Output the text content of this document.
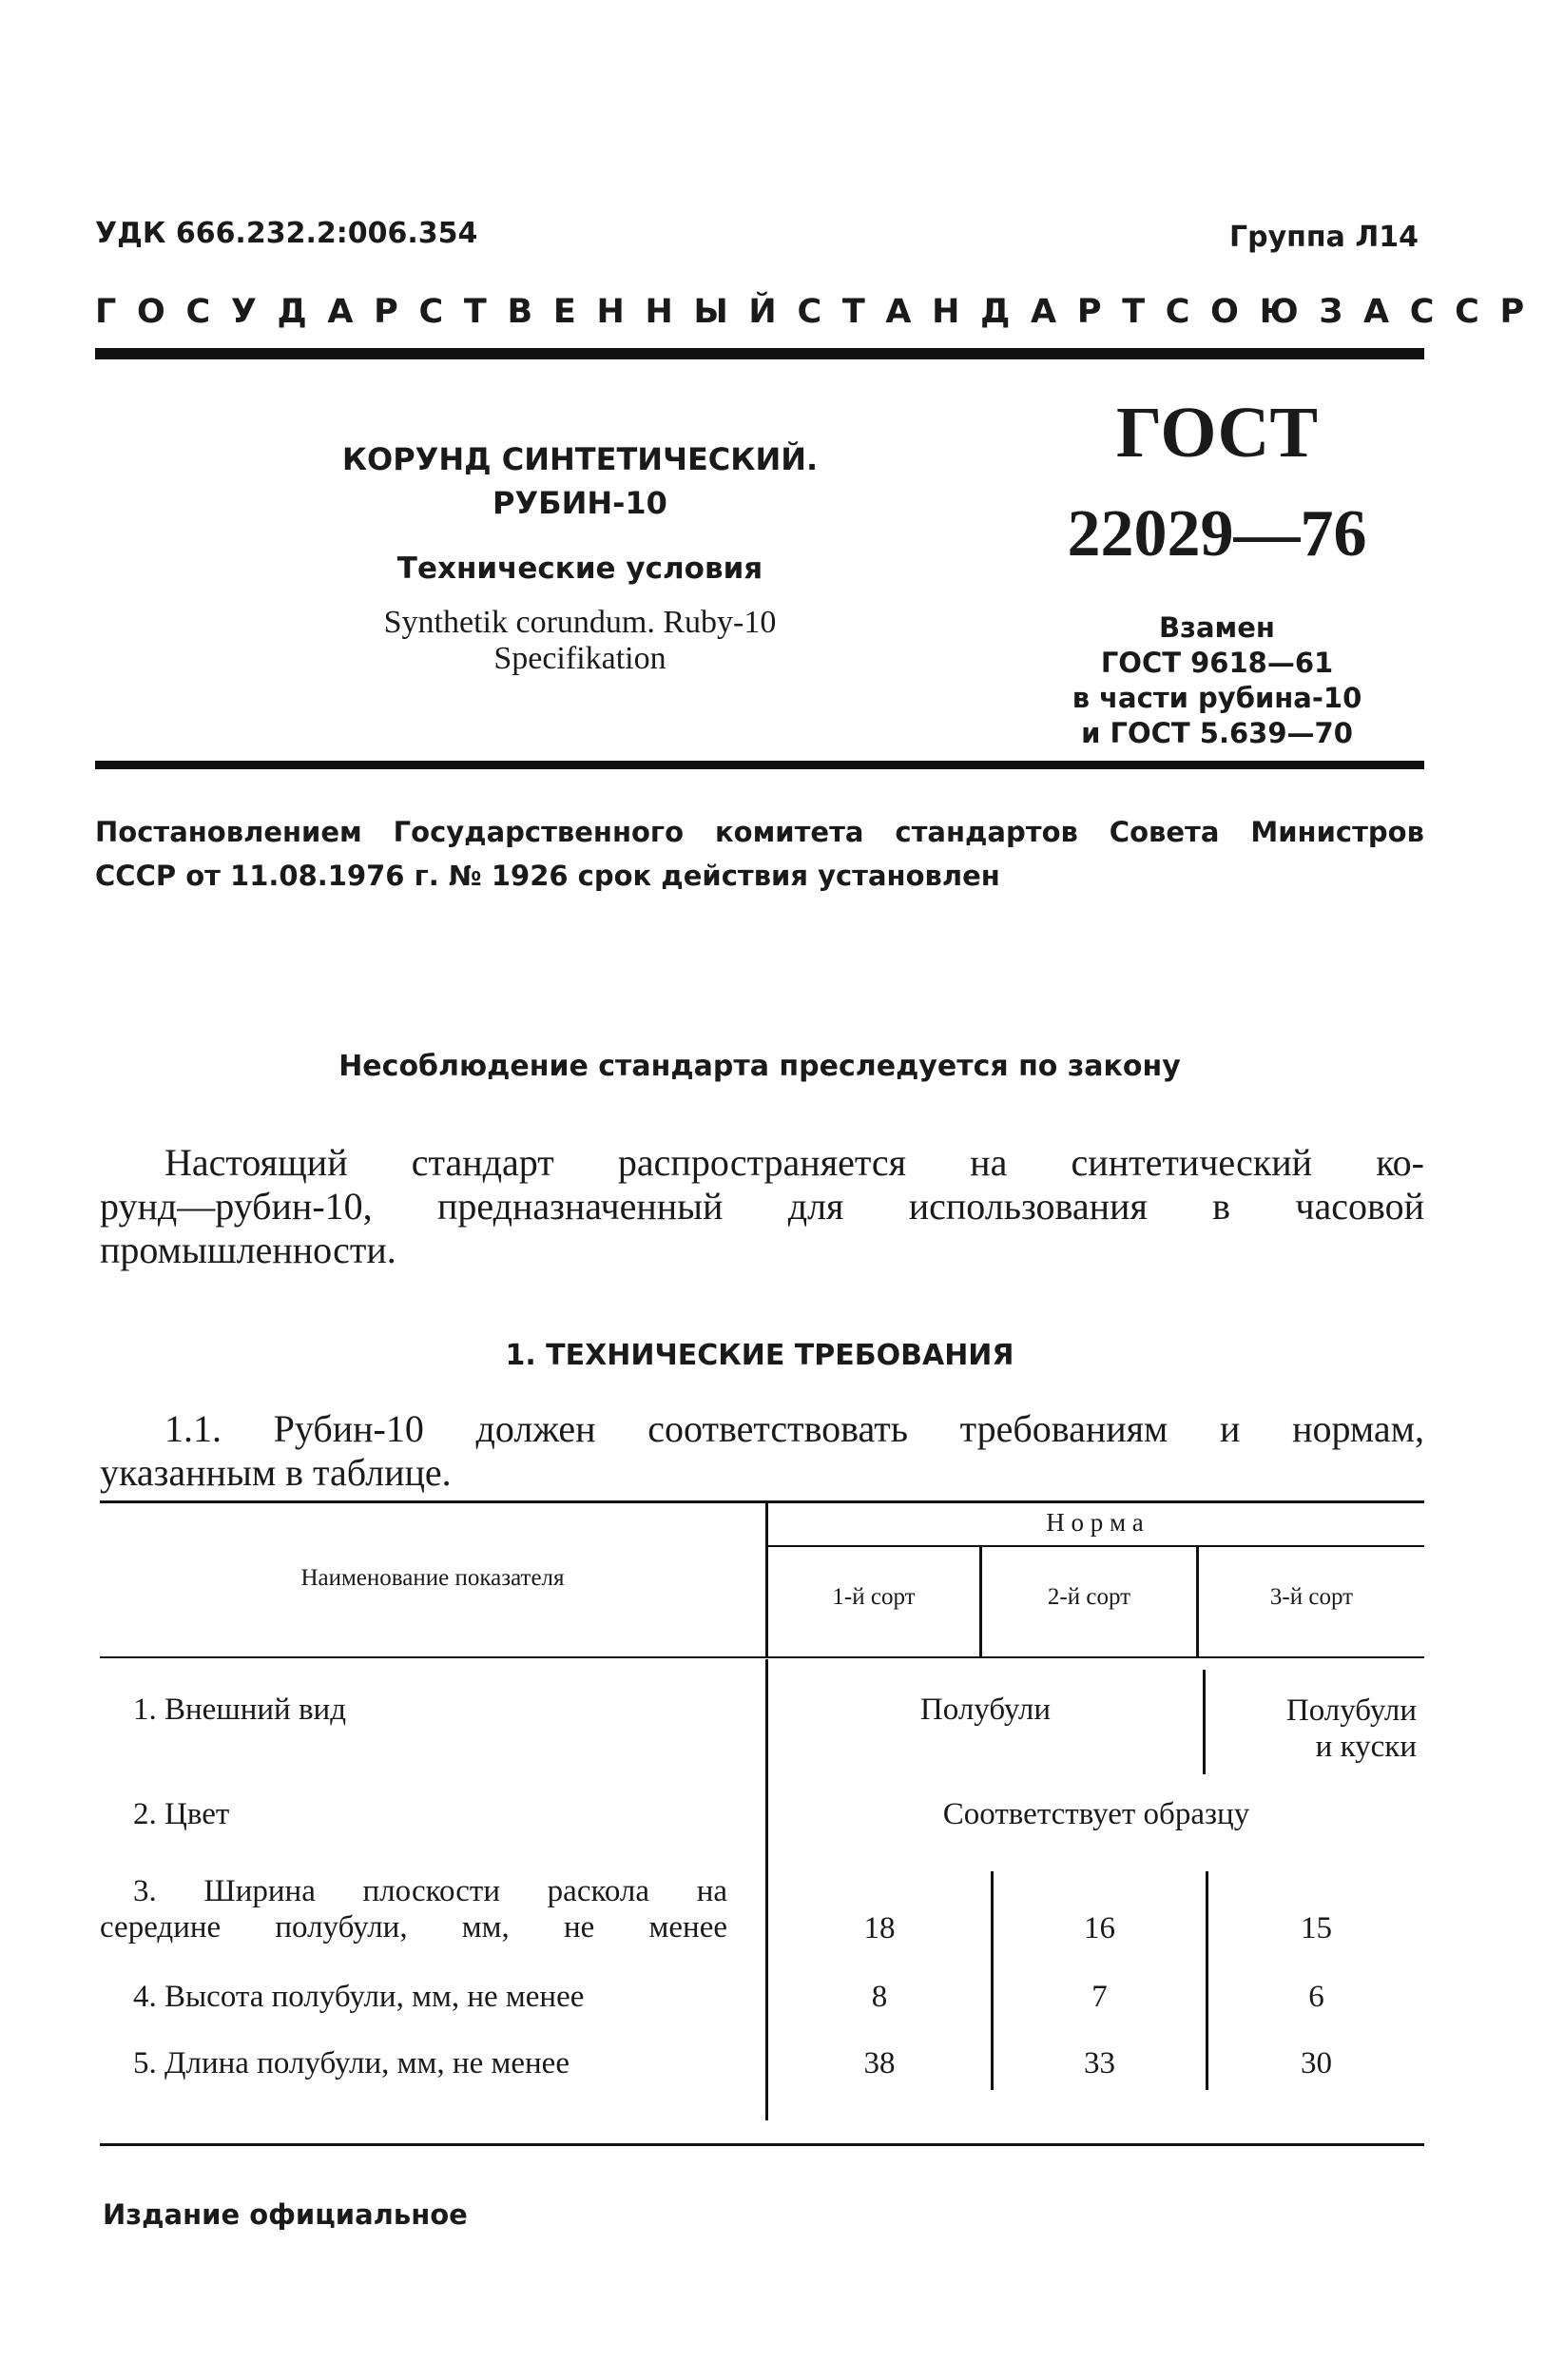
УДК 666.232.2:006.354	Группа Л14
ГОСУДАРСТВЕННЫЙ СТАНДАРТ СОЮЗА ССР
КОРУНД СИНТЕТИЧЕСКИЙ.
РУБИН-10
Технические условия
Synthetik corundum. Ruby-10
Specifikation
ГОСТ
22029—76
Взамен
ГОСТ 9618—61
в части рубина-10
и ГОСТ 5.639—70
Постановлением Государственного комитета стандартов Совета Министров
СССР от 11.08.1976 г. № 1926 срок действия установлен
Несоблюдение стандарта преследуется по закону
Настоящий стандарт распространяется на синтетический ко-
рунд—рубин-10, предназначенный для использования в часовой
промышленности.
1. ТЕХНИЧЕСКИЕ ТРЕБОВАНИЯ
1.1. Рубин-10 должен соответствовать требованиям и нормам,
указанным в таблице.
Наименование показателя
Н о р м а
1-й сорт	2-й сорт	3-й сорт
1. Внешний вид	Полубули	Полубули
и куски
2. Цвет	Соответствует образцу
3. Ширина плоскости раскола на
середине полубули, мм, не менее	18	16	15
4. Высота полубули, мм, не менее	8	7	6
5. Длина полубули, мм, не менее	38	33	30
Издание официальное
